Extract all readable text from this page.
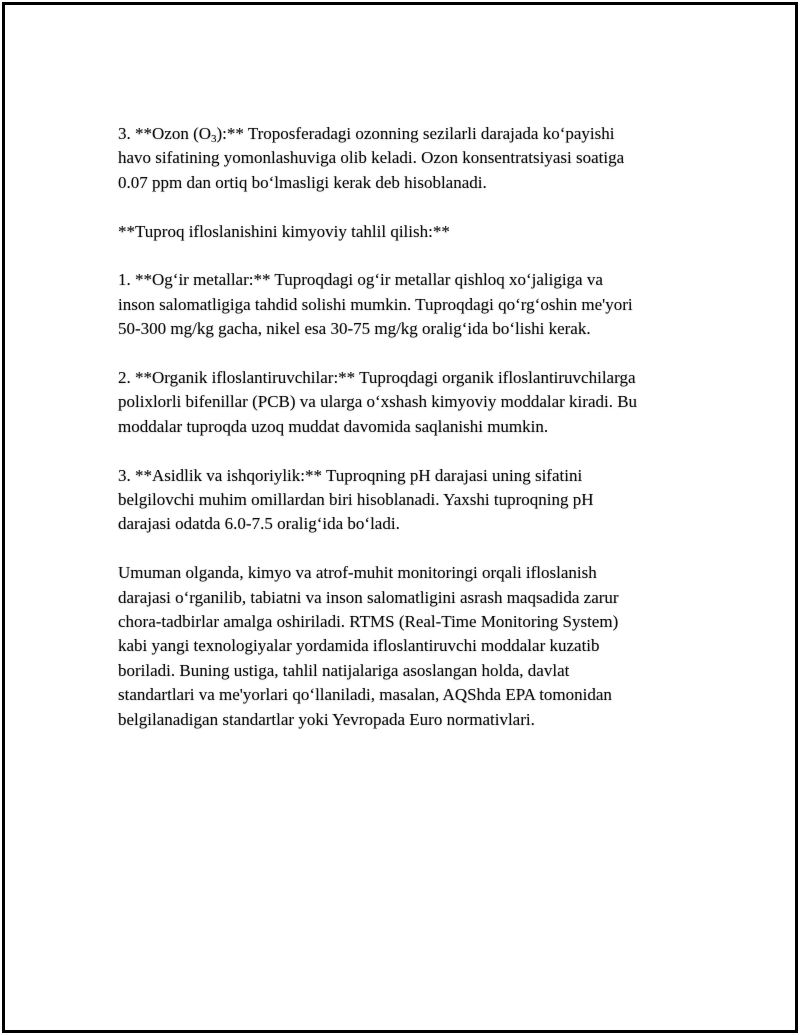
3. **Ozon $(O_3):**$ Troposferadagi ozonning sezilarli darajada ko‘payishi
havo sifatining yomonlashuviga olib keladi. Ozon konsentratsiyasi soatiga
0.07 ppm dan ortiq bo‘lmasligi kerak deb hisoblanadi.

**Tuproq ifloslanishini kimyoviy tahlil qilish:**

1. **Og‘ir metallar:** Tuproqdagi og‘ir metallar qishloq xo‘jaligiga va
inson salomatligiga tahdid solishi mumkin. Tuproqdagi qo‘rg‘oshin me'yori
50-300 mg/kg gacha, nikel esa 30-75 mg/kg oralig‘ida bo‘lishi kerak.

2. **Organik ifloslantiruvchilar:** Tuproqdagi organik ifloslantiruvchilarga
polixlorli bifenillar (PCB) va ularga o‘xshash kimyoviy moddalar kiradi. Bu
moddalar tuproqda uzoq muddat davomida saqlanishi mumkin.

3. **Asidlik va ishqoriylik:** Tuproqning pH darajasi uning sifatini
belgilovchi muhim omillardan biri hisoblanadi. Yaxshi tuproqning pH
darajasi odatda 6.0-7.5 oralig‘ida bo‘ladi.

Umuman olganda, kimyo va atrof-muhit monitoringi orqali ifloslanish
darajasi o‘rganilib, tabiatni va inson salomatligini asrash maqsadida zarur
chora-tadbirlar amalga oshiriladi. RTMS (Real-Time Monitoring System)
kabi yangi texnologiyalar yordamida ifloslantiruvchi moddalar kuzatib
boriladi. Buning ustiga, tahlil natijalariga asoslangan holda, davlat
standartlari va me'yorlari qo‘llaniladi, masalan, AQShda EPA tomonidan
belgilanadigan standartlar yoki Yevropada Euro normativlari.
